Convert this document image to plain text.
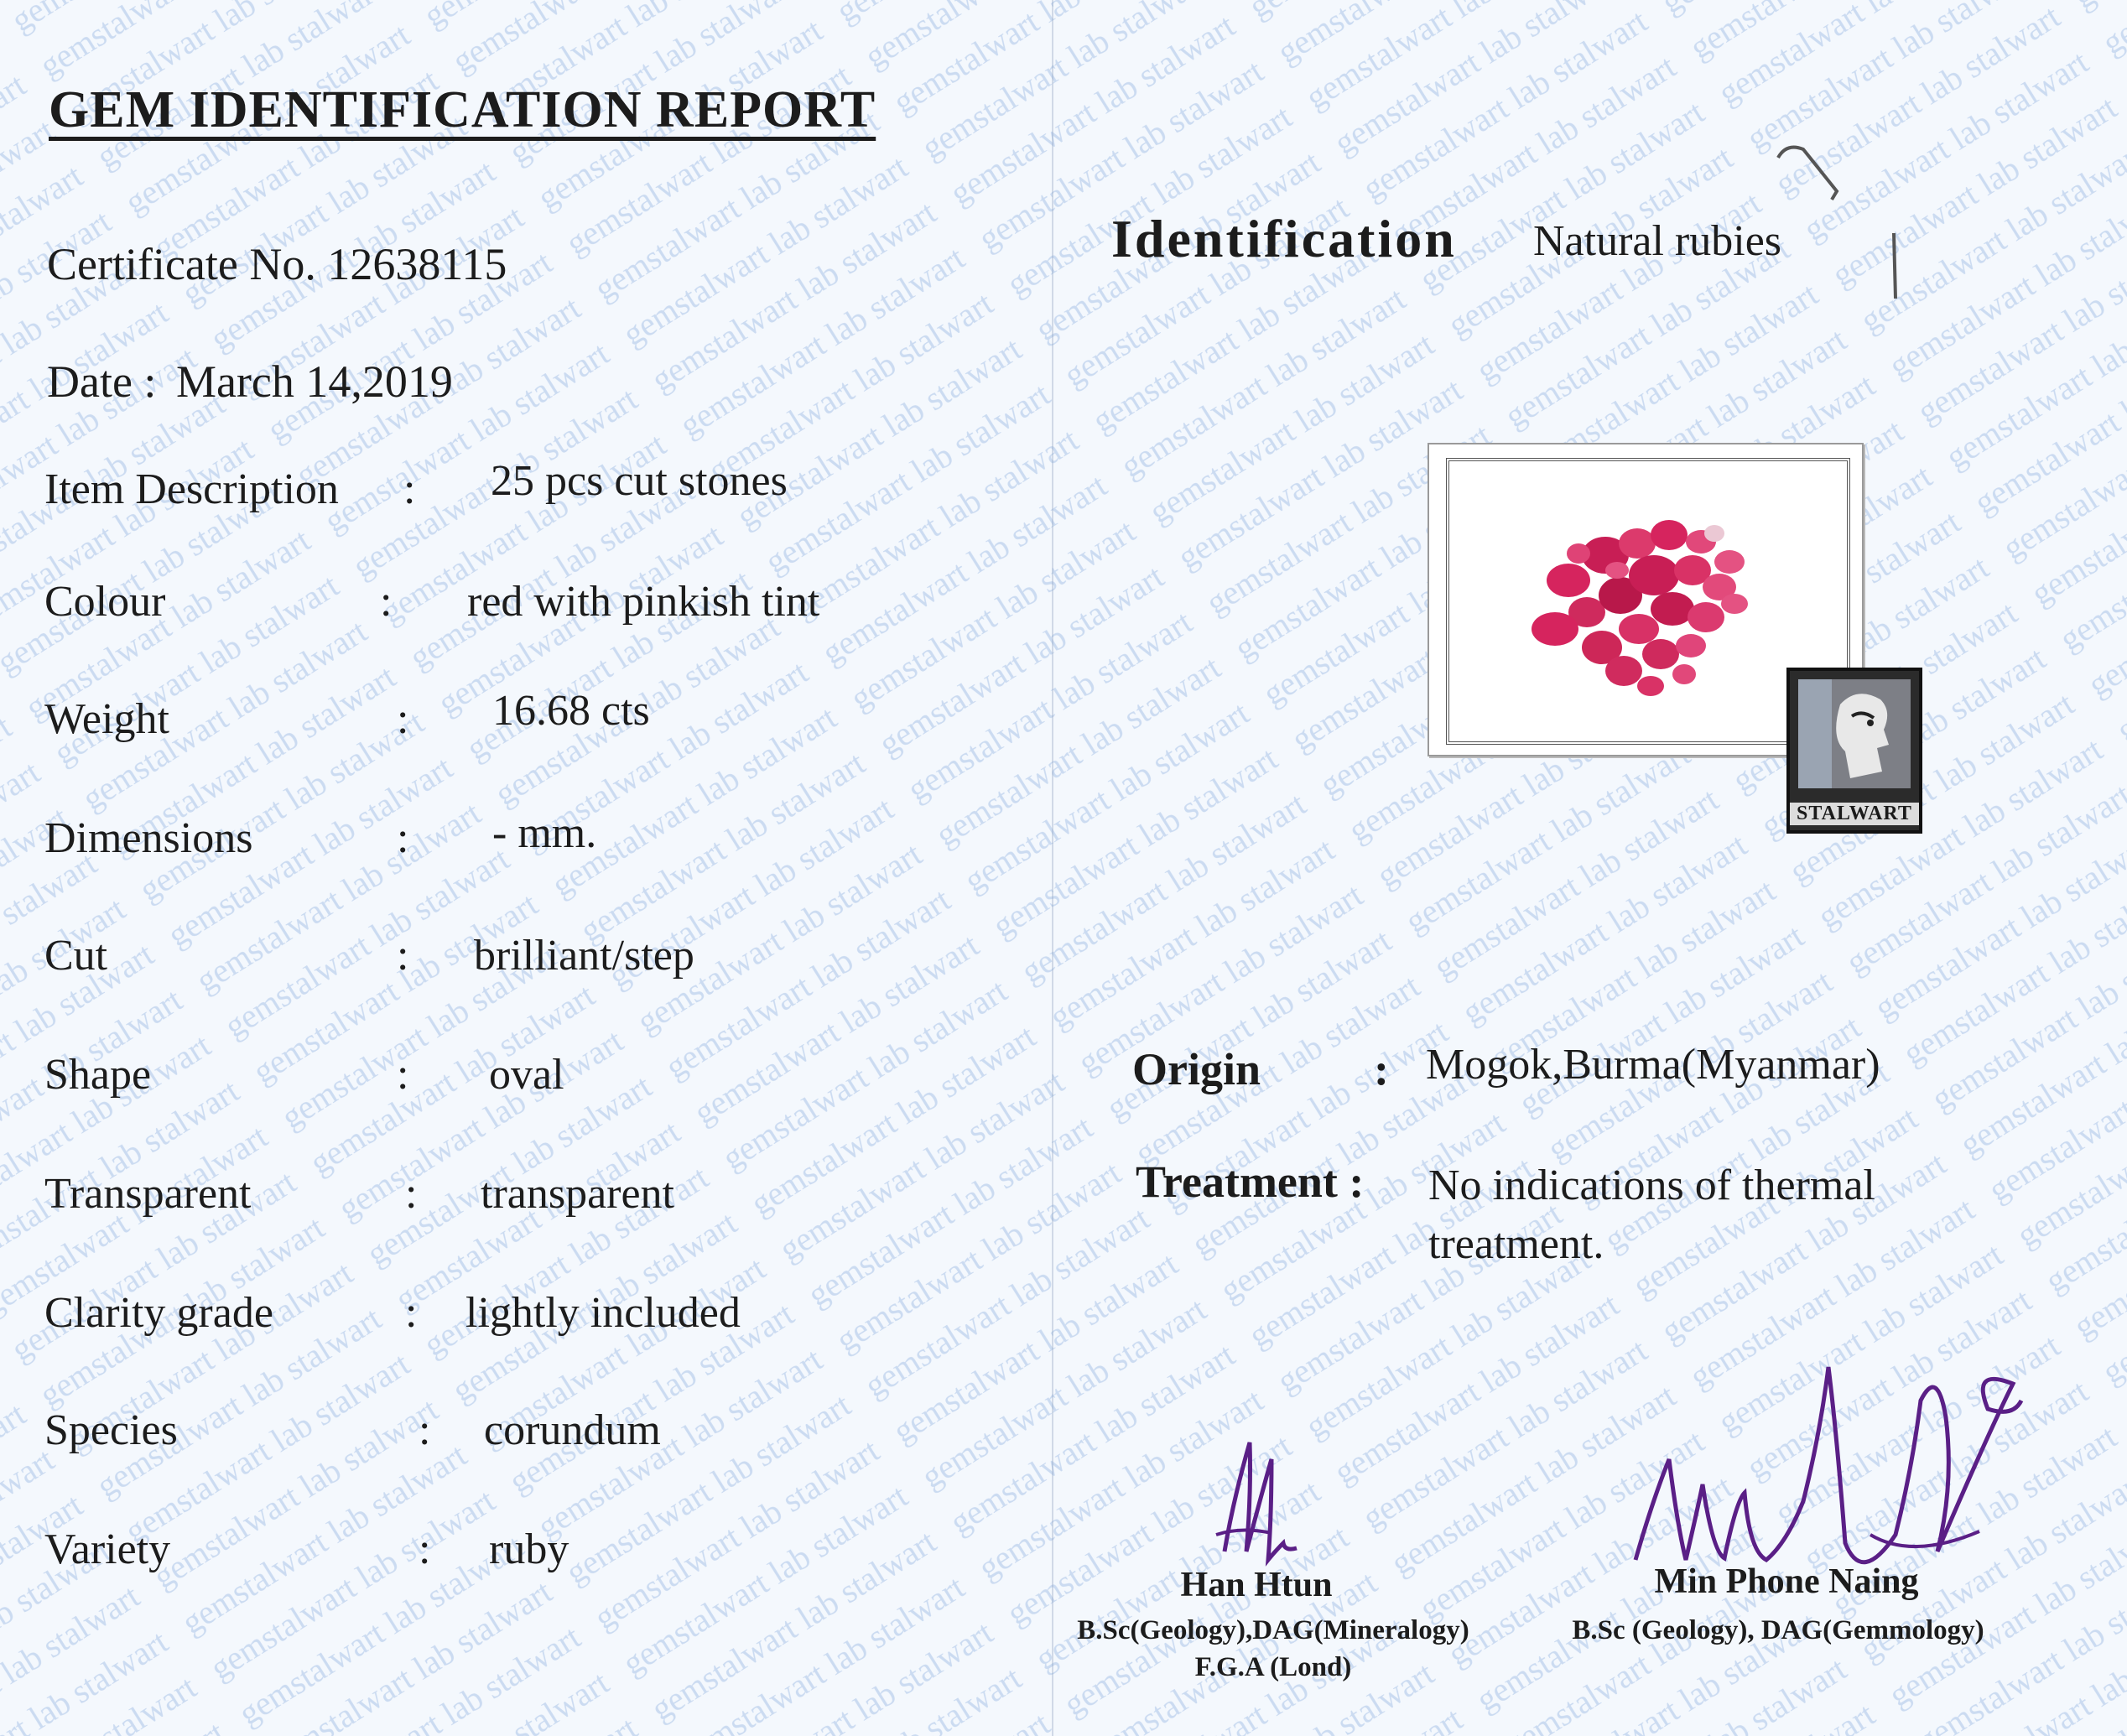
GEM IDENTIFICATION REPORT
Certificate No. 12638115
Date : March 14,2019
Item Description : 25 pcs cut stones
Colour	: red with pinkish tint
Weight	: 16.68 cts
Dimensions	: - mm.
Cut	: brilliant/step
Shape	: oval
Transparent	: transparent
Clarity grade	: lightly included
Species	: corundum
Variety	: ruby
Identification Natural rubies
STALWART
Origin : Mogok,Burma(Myanmar)
Treatment : No indications of thermal
treatment.
Han Htun
B.Sc(Geology),DAG(Mineralogy)
F.G.A (Lond)
Min Phone Naing
B.Sc (Geology), DAG(Gemmology)
